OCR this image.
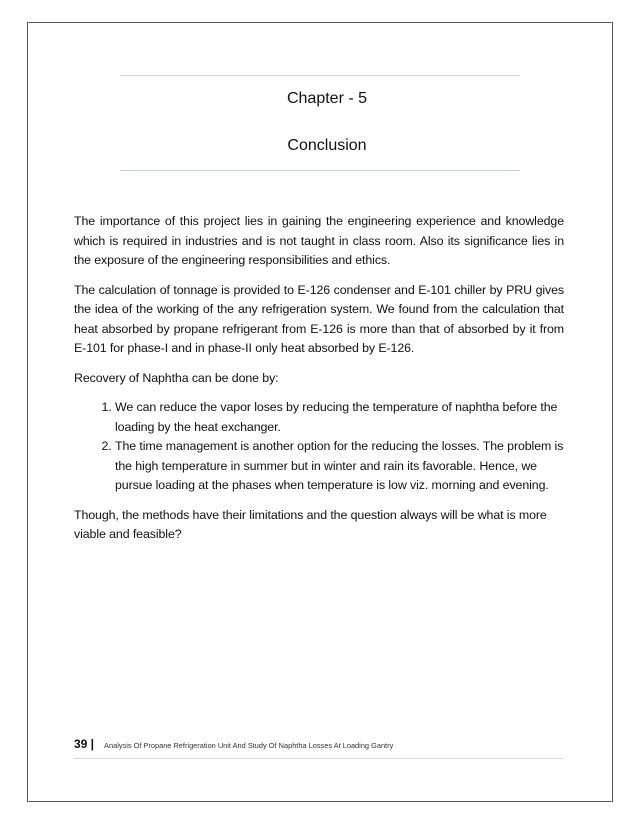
Chapter - 5
Conclusion

The importance of this project lies in gaining the engineering experience and knowledge which is required in industries and is not taught in class room. Also its significance lies in the exposure of the engineering responsibilities and ethics.

The calculation of tonnage is provided to E-126 condenser and E-101 chiller by PRU gives the idea of the working of the any refrigeration system. We found from the calculation that heat absorbed by propane refrigerant from E-126 is more than that of absorbed by it from E-101 for phase-I and in phase-II only heat absorbed by E-126.

Recovery of Naphtha can be done by:

1. We can reduce the vapor loses by reducing the temperature of naphtha before the loading by the heat exchanger.
2. The time management is another option for the reducing the losses. The problem is the high temperature in summer but in winter and rain its favorable. Hence, we pursue loading at the phases when temperature is low viz. morning and evening.

Though, the methods have their limitations and the question always will be what is more viable and feasible?

39 | Analysis Of Propane Refrigeration Unit And Study Of Naphtha Losses At Loading Gantry
